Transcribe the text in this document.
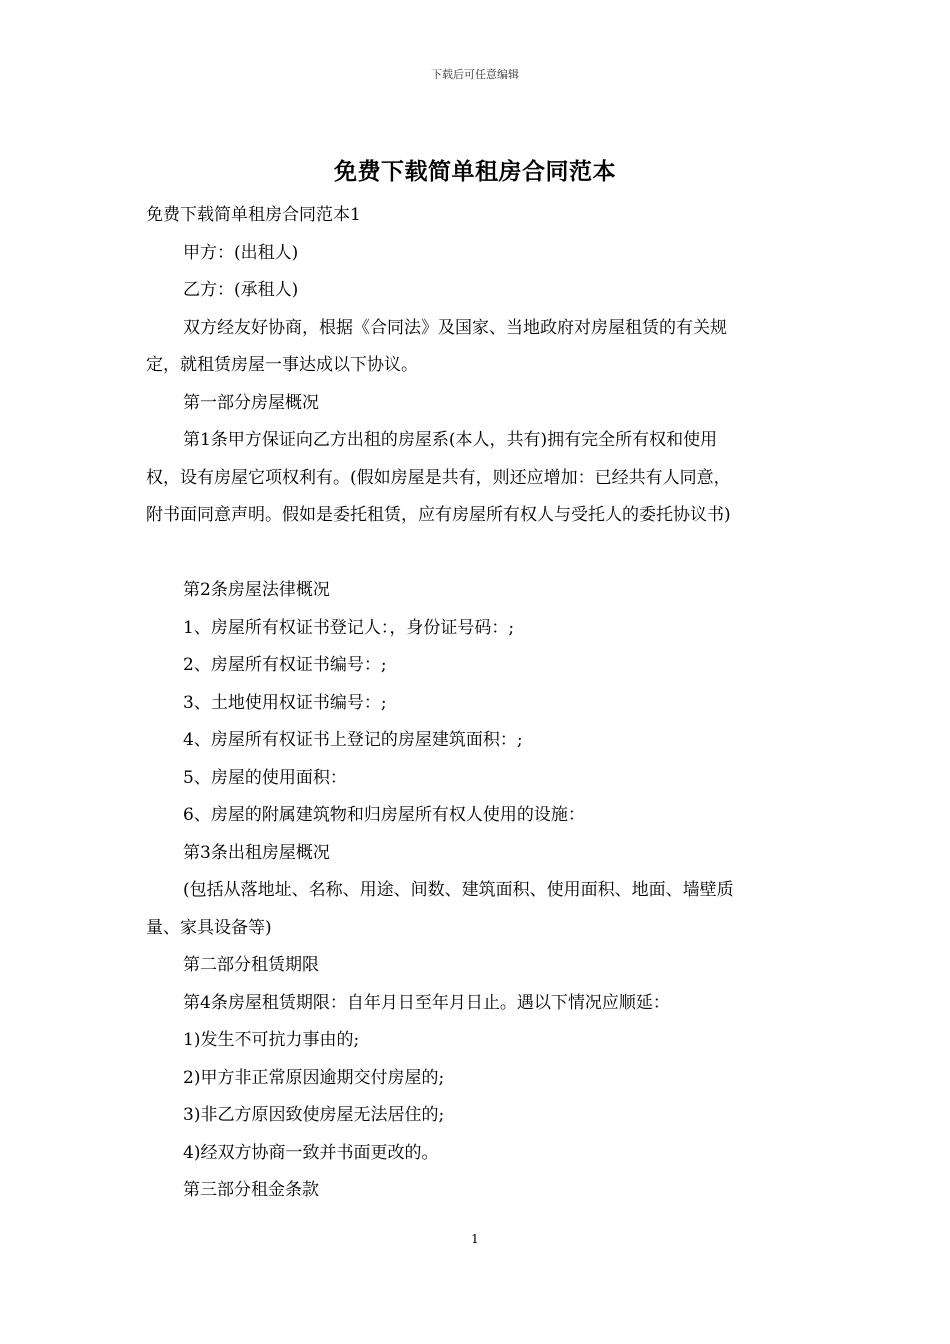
下载后可任意编辑
免费下载简单租房合同范本
免费下载简单租房合同范本1
甲方：(出租人)
乙方：(承租人)
双方经友好协商，根据《合同法》及国家、当地政府对房屋租赁的有关规
定，就租赁房屋一事达成以下协议。
第一部分房屋概况
第1条甲方保证向乙方出租的房屋系(本人，共有)拥有完全所有权和使用
权，设有房屋它项权利有。(假如房屋是共有，则还应增加：已经共有人同意，
附书面同意声明。假如是委托租赁，应有房屋所有权人与受托人的委托协议书)
第2条房屋法律概况
1、房屋所有权证书登记人：，身份证号码：;
2、房屋所有权证书编号：;
3、土地使用权证书编号：;
4、房屋所有权证书上登记的房屋建筑面积：;
5、房屋的使用面积：
6、房屋的附属建筑物和归房屋所有权人使用的设施：
第3条出租房屋概况
(包括从落地址、名称、用途、间数、建筑面积、使用面积、地面、墙壁质
量、家具设备等)
第二部分租赁期限
第4条房屋租赁期限：自年月日至年月日止。遇以下情况应顺延：
1)发生不可抗力事由的;
2)甲方非正常原因逾期交付房屋的;
3)非乙方原因致使房屋无法居住的;
4)经双方协商一致并书面更改的。
第三部分租金条款
1
